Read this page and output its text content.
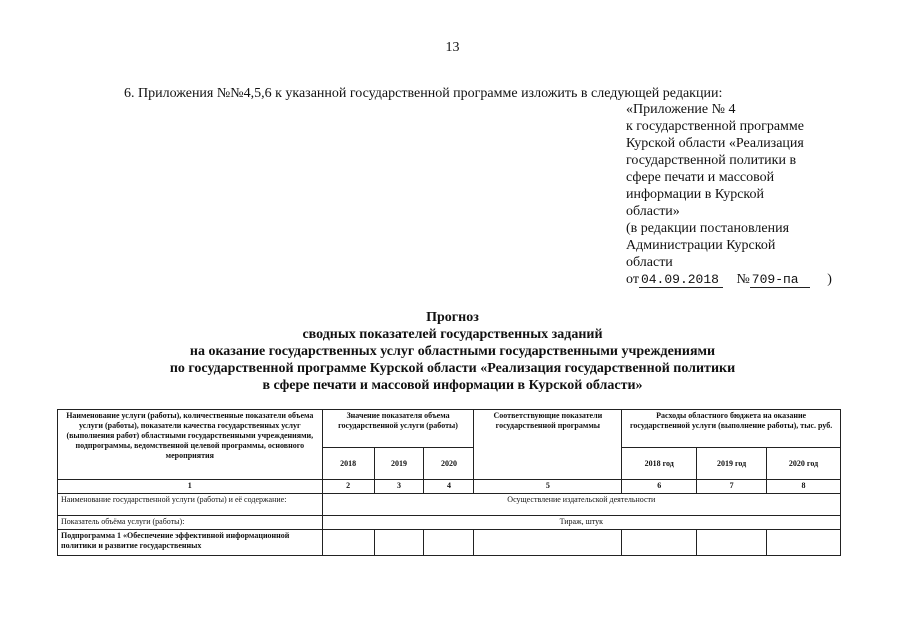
13
6. Приложения №№4,5,6 к указанной государственной программе изложить в следующей редакции:
«Приложение № 4
к государственной программе
Курской области «Реализация
государственной политики в
сфере печати и массовой
информации в Курской
области»
(в редакции постановления
Администрации Курской
области
от 04.09.2018 № 709-па )
Прогноз
сводных показателей государственных заданий
на оказание государственных услуг областными государственными учреждениями
по государственной программе Курской области «Реализация государственной политики
в сфере печати и массовой информации в Курской области»
Наименование услуги (работы), количественные показатели объема услуги (работы), показатели качества государственных услуг (выполнения работ) областными государственными учреждениями, подпрограммы, ведомственной целевой программы, основного мероприятия	Значение показателя объема государственной услуги (работы)			Соответствующие показатели государственной программы	Расходы областного бюджета на оказание государственной услуги (выполнение работы), тыс. руб.		
	2018	2019	2020		2018 год	2019 год	2020 год
1	2	3	4	5	6	7	8
Наименование государственной услуги (работы) и её содержание:	Осуществление издательской деятельности						
Показатель объёма услуги (работы):	Тираж, штук						
Подпрограмма 1 «Обеспечение эффективной информационной политики и развитие государственных							
